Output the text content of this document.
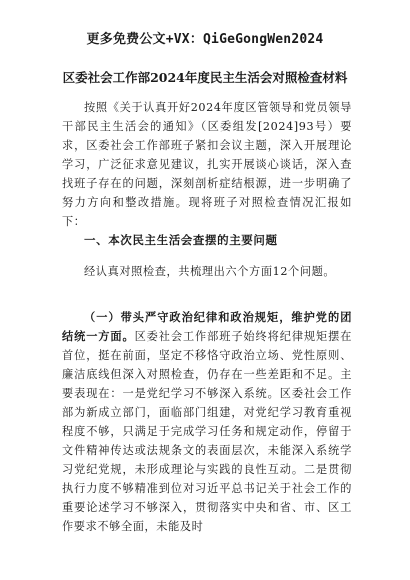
更多免费公文+VX：QiGeGongWen2024
区委社会工作部2024年度民主生活会对照检查材料
按照《关于认真开好2024年度区管领导和党员领导干部民主生活会的通知》（区委组发[2024]93号）要求，区委社会工作部班子紧扣会议主题，深入开展理论学习，广泛征求意见建议，扎实开展谈心谈话，深入查找班子存在的问题，深刻剖析症结根源，进一步明确了努力方向和整改措施。现将班子对照检查情况汇报如下：
一、本次民主生活会查摆的主要问题
经认真对照检查，共梳理出六个方面12个问题。
（一）带头严守政治纪律和政治规矩，维护党的团结统一方面。区委社会工作部班子始终将纪律规矩摆在首位，挺在前面，坚定不移恪守政治立场、党性原则、廉洁底线但深入对照检查，仍存在一些差距和不足。主要表现在：一是党纪学习不够深入系统。区委社会工作部为新成立部门，面临部门组建，对党纪学习教育重视程度不够，只满足于完成学习任务和规定动作，停留于文件精神传达或法规条文的表面层次，未能深入系统学习党纪党规，未形成理论与实践的良性互动。二是贯彻执行力度不够精准到位对习近平总书记关于社会工作的重要论述学习不够深入，贯彻落实中央和省、市、区工作要求不够全面，未能及时
